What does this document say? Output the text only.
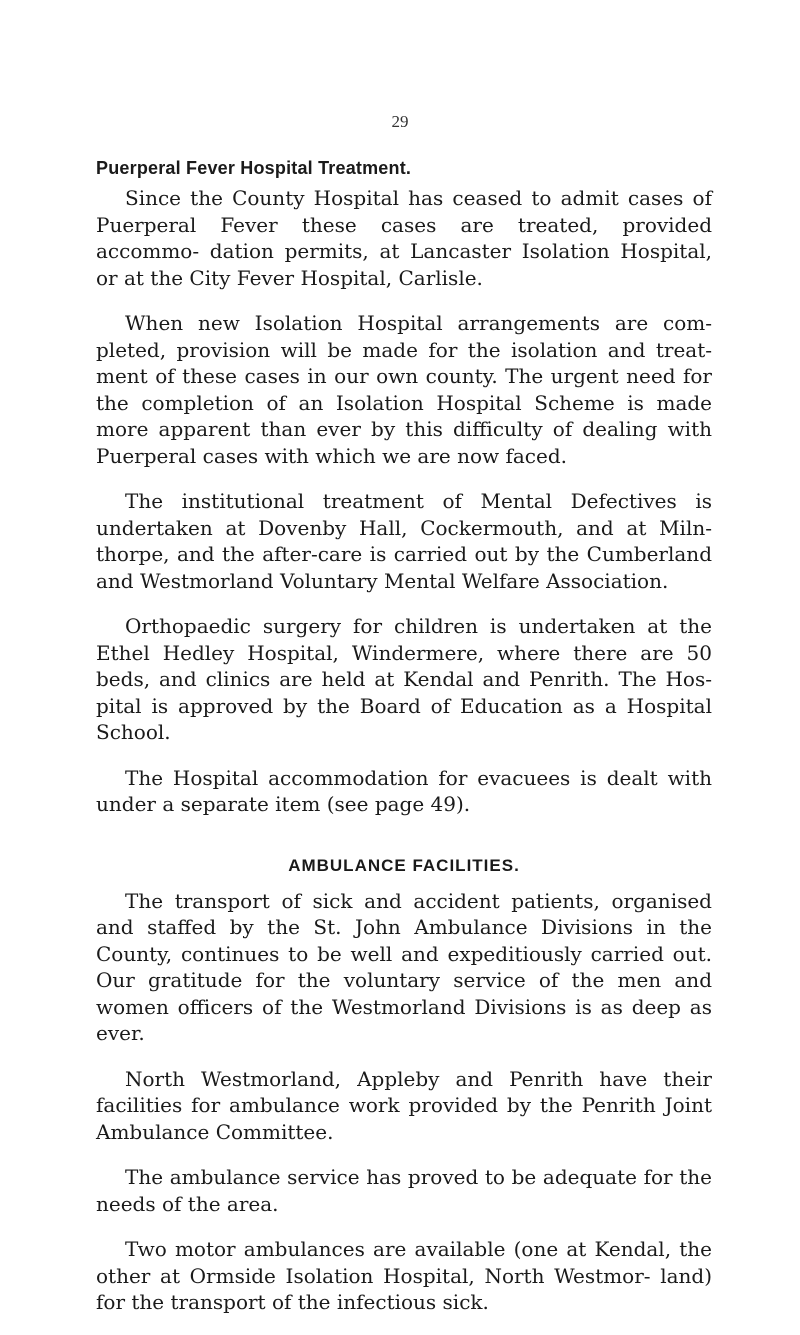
29
Puerperal Fever Hospital Treatment.

Since the County Hospital has ceased to admit cases of Puerperal Fever these cases are treated, provided accommo- dation permits, at Lancaster Isolation Hospital, or at the City Fever Hospital, Carlisle.

When new Isolation Hospital arrangements are com- pleted, provision will be made for the isolation and treat- ment of these cases in our own county. The urgent need for the completion of an Isolation Hospital Scheme is made more apparent than ever by this difficulty of dealing with Puerperal cases with which we are now faced.

The institutional treatment of Mental Defectives is undertaken at Dovenby Hall, Cockermouth, and at Miln- thorpe, and the after-care is carried out by the Cumberland and Westmorland Voluntary Mental Welfare Association.

Orthopaedic surgery for children is undertaken at the Ethel Hedley Hospital, Windermere, where there are 50 beds, and clinics are held at Kendal and Penrith. The Hos- pital is approved by the Board of Education as a Hospital School.

The Hospital accommodation for evacuees is dealt with under a separate item (see page 49).

AMBULANCE FACILITIES.

The transport of sick and accident patients, organised and staffed by the St. John Ambulance Divisions in the County, continues to be well and expeditiously carried out. Our gratitude for the voluntary service of the men and women officers of the Westmorland Divisions is as deep as ever.

North Westmorland, Appleby and Penrith have their facilities for ambulance work provided by the Penrith Joint Ambulance Committee.

The ambulance service has proved to be adequate for the needs of the area.

Two motor ambulances are available (one at Kendal, the other at Ormside Isolation Hospital, North Westmor- land) for the transport of the infectious sick.
